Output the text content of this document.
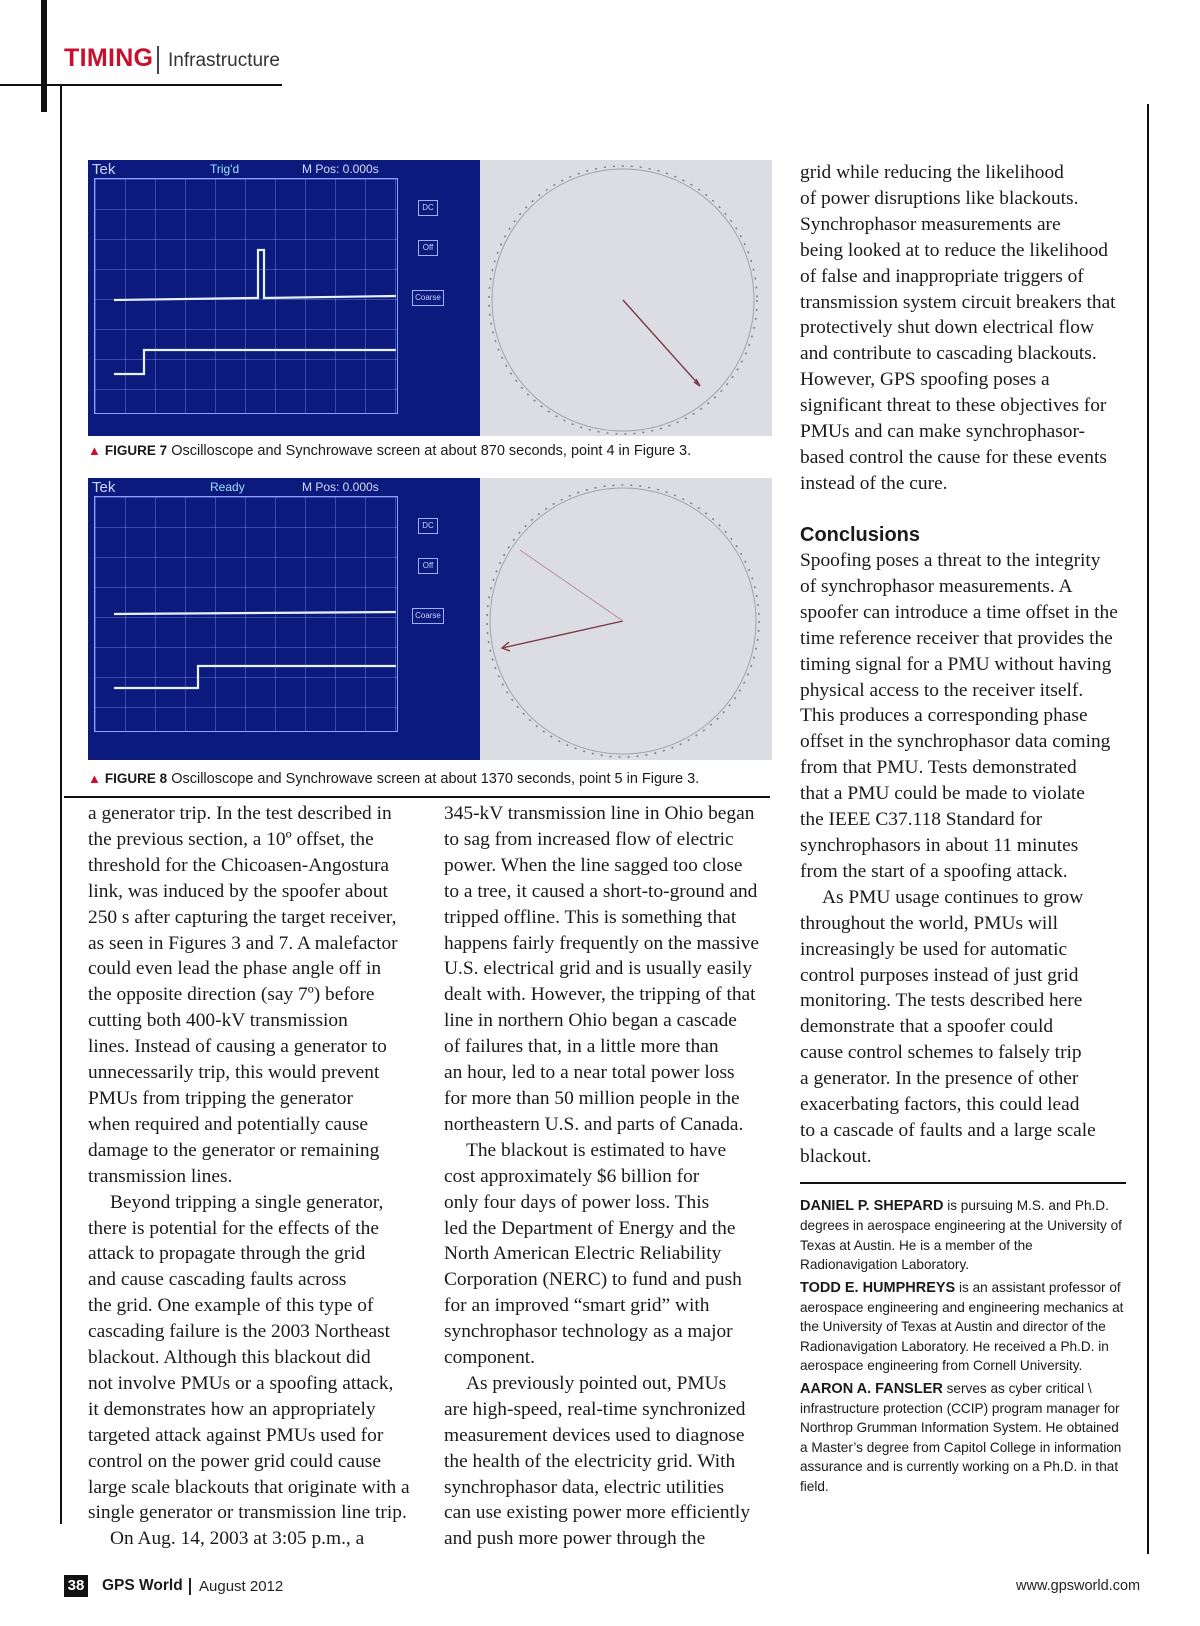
TIMING Infrastructure
Tek	Trig'd	M Pos: 0.000s
DC
Off
Coarse
▲ FIGURE 7 Oscilloscope and Synchrowave screen at about 870 seconds, point 4 in Figure 3.
Tek	Ready	M Pos: 0.000s
DC
Off
Coarse
▲ FIGURE 8 Oscilloscope and Synchrowave screen at about 1370 seconds, point 5 in Figure 3.

a generator trip. In the test described in
the previous section, a 10º offset, the
threshold for the Chicoasen-Angostura
link, was induced by the spoofer about
250 s after capturing the target receiver,
as seen in Figures 3 and 7. A malefactor
could even lead the phase angle off in
the opposite direction (say 7º) before
cutting both 400-kV transmission
lines. Instead of causing a generator to
unnecessarily trip, this would prevent
PMUs from tripping the generator
when required and potentially cause
damage to the generator or remaining
transmission lines.

Beyond tripping a single generator,
there is potential for the effects of the
attack to propagate through the grid
and cause cascading faults across
the grid. One example of this type of
cascading failure is the 2003 Northeast
blackout. Although this blackout did
not involve PMUs or a spoofing attack,
it demonstrates how an appropriately
targeted attack against PMUs used for
control on the power grid could cause
large scale blackouts that originate with a
single generator or transmission line trip.

On Aug. 14, 2003 at 3:05 p.m., a

345-kV transmission line in Ohio began
to sag from increased flow of electric
power. When the line sagged too close
to a tree, it caused a short-to-ground and
tripped offline. This is something that
happens fairly frequently on the massive
U.S. electrical grid and is usually easily
dealt with. However, the tripping of that
line in northern Ohio began a cascade
of failures that, in a little more than
an hour, led to a near total power loss
for more than 50 million people in the
northeastern U.S. and parts of Canada.

The blackout is estimated to have
cost approximately $6 billion for
only four days of power loss. This
led the Department of Energy and the
North American Electric Reliability
Corporation (NERC) to fund and push
for an improved “smart grid” with
synchrophasor technology as a major
component.

As previously pointed out, PMUs
are high-speed, real-time synchronized
measurement devices used to diagnose
the health of the electricity grid. With
synchrophasor data, electric utilities
can use existing power more efficiently
and push more power through the

grid while reducing the likelihood
of power disruptions like blackouts.
Synchrophasor measurements are
being looked at to reduce the likelihood
of false and inappropriate triggers of
transmission system circuit breakers that
protectively shut down electrical flow
and contribute to cascading blackouts.
However, GPS spoofing poses a
significant threat to these objectives for
PMUs and can make synchrophasor-
based control the cause for these events
instead of the cure.

Conclusions

Spoofing poses a threat to the integrity
of synchrophasor measurements. A
spoofer can introduce a time offset in the
time reference receiver that provides the
timing signal for a PMU without having
physical access to the receiver itself.
This produces a corresponding phase
offset in the synchrophasor data coming
from that PMU. Tests demonstrated
that a PMU could be made to violate
the IEEE C37.118 Standard for
synchrophasors in about 11 minutes
from the start of a spoofing attack.

As PMU usage continues to grow
throughout the world, PMUs will
increasingly be used for automatic
control purposes instead of just grid
monitoring. The tests described here
demonstrate that a spoofer could
cause control schemes to falsely trip
a generator. In the presence of other
exacerbating factors, this could lead
to a cascade of faults and a large scale
blackout.

DANIEL P. SHEPARD is pursuing M.S. and Ph.D. degrees in aerospace engineering at the University of Texas at Austin. He is a member of the Radionavigation Laboratory.

TODD E. HUMPHREYS is an assistant professor of aerospace engineering and engineering mechanics at the University of Texas at Austin and director of the Radionavigation Laboratory. He received a Ph.D. in aerospace engineering from Cornell University.

AARON A. FANSLER serves as cyber critical \ infrastructure protection (CCIP) program manager for Northrop Grumman Information System. He obtained a Master’s degree from Capitol College in information assurance and is currently working on a Ph.D. in that field.

38 GPS World August 2012	www.gpsworld.com
